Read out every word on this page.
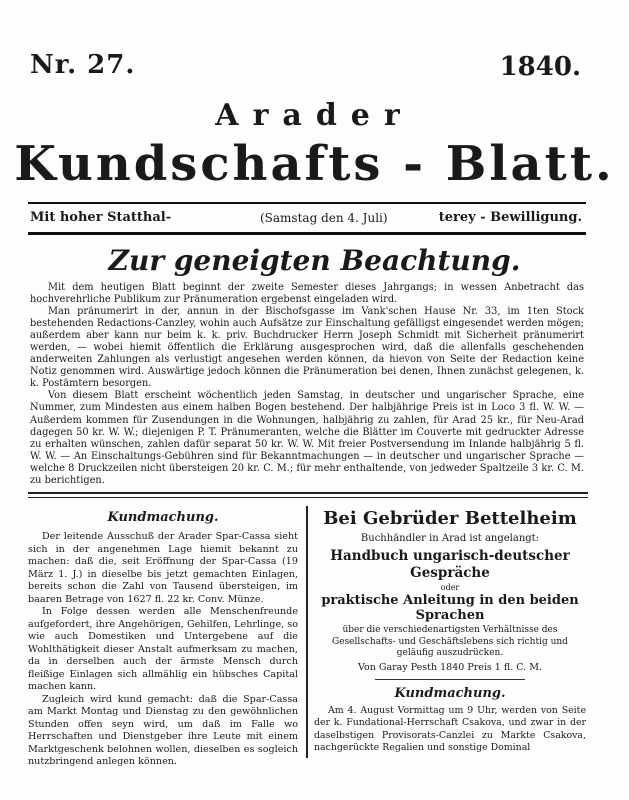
Nr. 27.	1840.
Arader
Kundschafts - Blatt.
Mit hoher Statthal-	(Samstag den 4. Juli)	terey - Bewilligung.
Zur geneigten Beachtung.

Mit dem heutigen Blatt beginnt der zweite Semester dieses Jahrgangs; in wessen Anbetracht das hochverehrliche Publikum zur Pränumeration ergebenst eingeladen wird.

Man pränumerirt in der, annun in der Bischofsgasse im Vank'schen Hause Nr. 33, im 1ten Stock bestehenden Redactions-Canzley, wohin auch Aufsätze zur Einschaltung gefälligst eingesendet werden mögen; außerdem aber kann nur beim k. k. priv. Buchdrucker Herrn Joseph Schmidt mit Sicherheit pränumerirt werden, — wobei hiemit öffentlich die Erklärung ausgesprochen wird, daß die allenfalls geschehenden anderweiten Zahlungen als verlustigt angesehen werden können, da hievon von Seite der Redaction keine Notiz genommen wird. Auswärtige jedoch können die Pränumeration bei denen, Ihnen zunächst gelegenen, k. k. Postämtern besorgen.

Von diesem Blatt erscheint wöchentlich jeden Samstag, in deutscher und ungarischer Sprache, eine Nummer, zum Mindesten aus einem halben Bogen bestehend. Der halbjährige Preis ist in Loco 3 fl. W. W. — Außerdem kommen für Zusendungen in die Wohnungen, halbjährig zu zahlen, für Arad 25 kr., für Neu-Arad dagegen 50 kr. W. W.; diejenigen P. T. Pränumeranten, welche die Blätter im Couverte mit gedruckter Adresse zu erhalten wünschen, zahlen dafür separat 50 kr. W. W. Mit freier Postversendung im Inlande halbjährig 5 fl. W. W. — An Einschaltungs-Gebühren sind für Bekanntmachungen — in deutscher und ungarischer Sprache — welche 8 Druckzeilen nicht übersteigen 20 kr. C. M.; für mehr enthaltende, von jedweder Spaltzeile 3 kr. C. M. zu berichtigen.

Kundmachung.

Der leitende Ausschuß der Arader Spar-Cassa sieht sich in der angenehmen Lage hiemit bekannt zu machen: daß die, seit Eröffnung der Spar-Cassa (19 März 1. J.) in dieselbe bis jetzt gemachten Einlagen, bereits schon die Zahl von Tausend übersteigen, im baaren Betrage von 1627 fl. 22 kr. Conv. Münze.

In Folge dessen werden alle Menschenfreunde aufgefordert, ihre Angehörigen, Gehilfen, Lehrlinge, so wie auch Domestiken und Untergebene auf die Wohlthätigkeit dieser Anstalt aufmerksam zu machen, da in derselben auch der ärmste Mensch durch fleißige Einlagen sich allmählig ein hübsches Capital machen kann.

Zugleich wird kund gemacht: daß die Spar-Cassa am Markt Montag und Dienstag zu den gewöhnlichen Stunden offen seyn wird, um daß im Falle wo Herrschaften und Dienstgeber ihre Leute mit einem Marktgeschenk belohnen wollen, dieselben es sogleich nutzbringend anlegen können.

Bei Gebrüder Bettelheim
Buchhändler in Arad ist angelangt:
Handbuch ungarisch-deutscher Gespräche
oder
praktische Anleitung in den beiden Sprachen
über die verschiedenartigsten Verhältnisse des Gesellschafts- und Geschäftslebens sich richtig und geläufig auszudrücken.
Von Garay Pesth 1840 Preis 1 fl. C. M.
Kundmachung.

Am 4. August Vormittag um 9 Uhr, werden von Seite der k. Fundational-Herrschaft Csakova, und zwar in der daselbstigen Provisorats-Canzlei zu Markte Csakova, nachgerückte Regalien und sonstige Dominal
